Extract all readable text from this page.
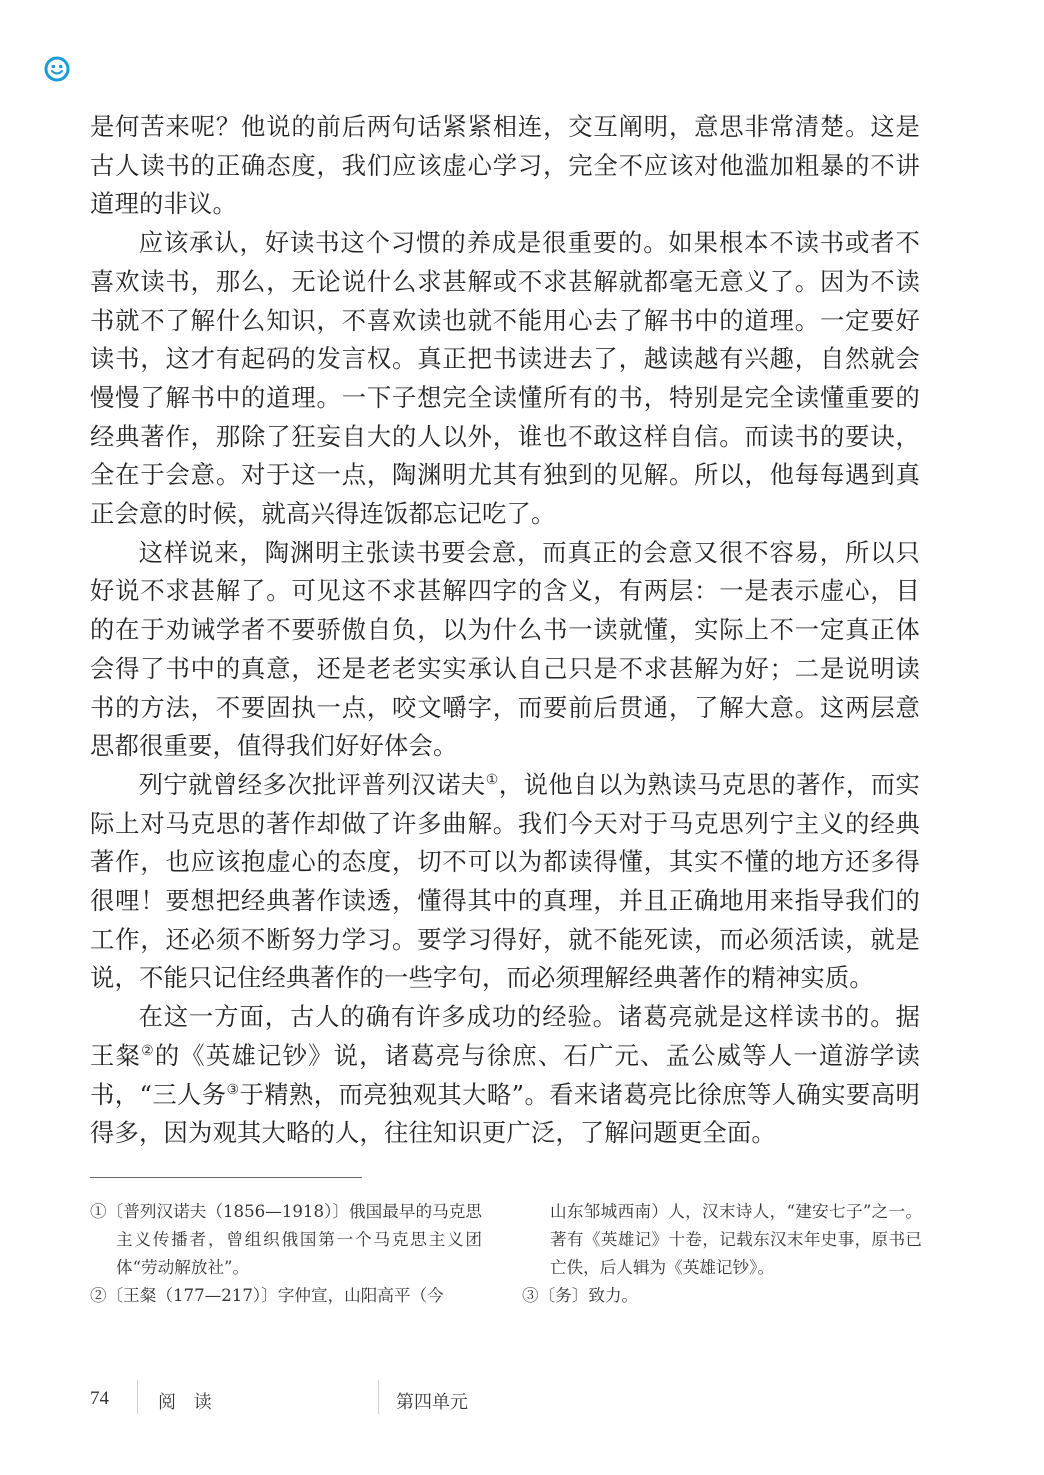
是何苦来呢？他说的前后两句话紧紧相连，交互阐明，意思非常清楚。这是古人读书的正确态度，我们应该虚心学习，完全不应该对他滥加粗暴的不讲道理的非议。

应该承认，好读书这个习惯的养成是很重要的。如果根本不读书或者不喜欢读书，那么，无论说什么求甚解或不求甚解就都毫无意义了。因为不读书就不了解什么知识，不喜欢读也就不能用心去了解书中的道理。一定要好读书，这才有起码的发言权。真正把书读进去了，越读越有兴趣，自然就会慢慢了解书中的道理。一下子想完全读懂所有的书，特别是完全读懂重要的经典著作，那除了狂妄自大的人以外，谁也不敢这样自信。而读书的要诀，全在于会意。对于这一点，陶渊明尤其有独到的见解。所以，他每每遇到真正会意的时候，就高兴得连饭都忘记吃了。

这样说来，陶渊明主张读书要会意，而真正的会意又很不容易，所以只好说不求甚解了。可见这不求甚解四字的含义，有两层：一是表示虚心，目的在于劝诫学者不要骄傲自负，以为什么书一读就懂，实际上不一定真正体会得了书中的真意，还是老老实实承认自己只是不求甚解为好；二是说明读书的方法，不要固执一点，咬文嚼字，而要前后贯通，了解大意。这两层意思都很重要，值得我们好好体会。

列宁就曾经多次批评普列汉诺夫①，说他自以为熟读马克思的著作，而实际上对马克思的著作却做了许多曲解。我们今天对于马克思列宁主义的经典著作，也应该抱虚心的态度，切不可以为都读得懂，其实不懂的地方还多得很哩！要想把经典著作读透，懂得其中的真理，并且正确地用来指导我们的工作，还必须不断努力学习。要学习得好，就不能死读，而必须活读，就是说，不能只记住经典著作的一些字句，而必须理解经典著作的精神实质。

在这一方面，古人的确有许多成功的经验。诸葛亮就是这样读书的。据王粲②的《英雄记钞》说，诸葛亮与徐庶、石广元、孟公威等人一道游学读书，“三人务③于精熟，而亮独观其大略”。看来诸葛亮比徐庶等人确实要高明得多，因为观其大略的人，往往知识更广泛，了解问题更全面。

①〔普列汉诺夫（1856—1918）〕俄国最早的马克思主义传播者，曾组织俄国第一个马克思主义团体“劳动解放社”。

②〔王粲（177—217）〕字仲宣，山阳高平（今

山东邹城西南）人，汉末诗人，“建安七子”之一。著有《英雄记》十卷，记载东汉末年史事，原书已亡佚，后人辑为《英雄记钞》。

③〔务〕致力。

74	阅 读	第四单元
